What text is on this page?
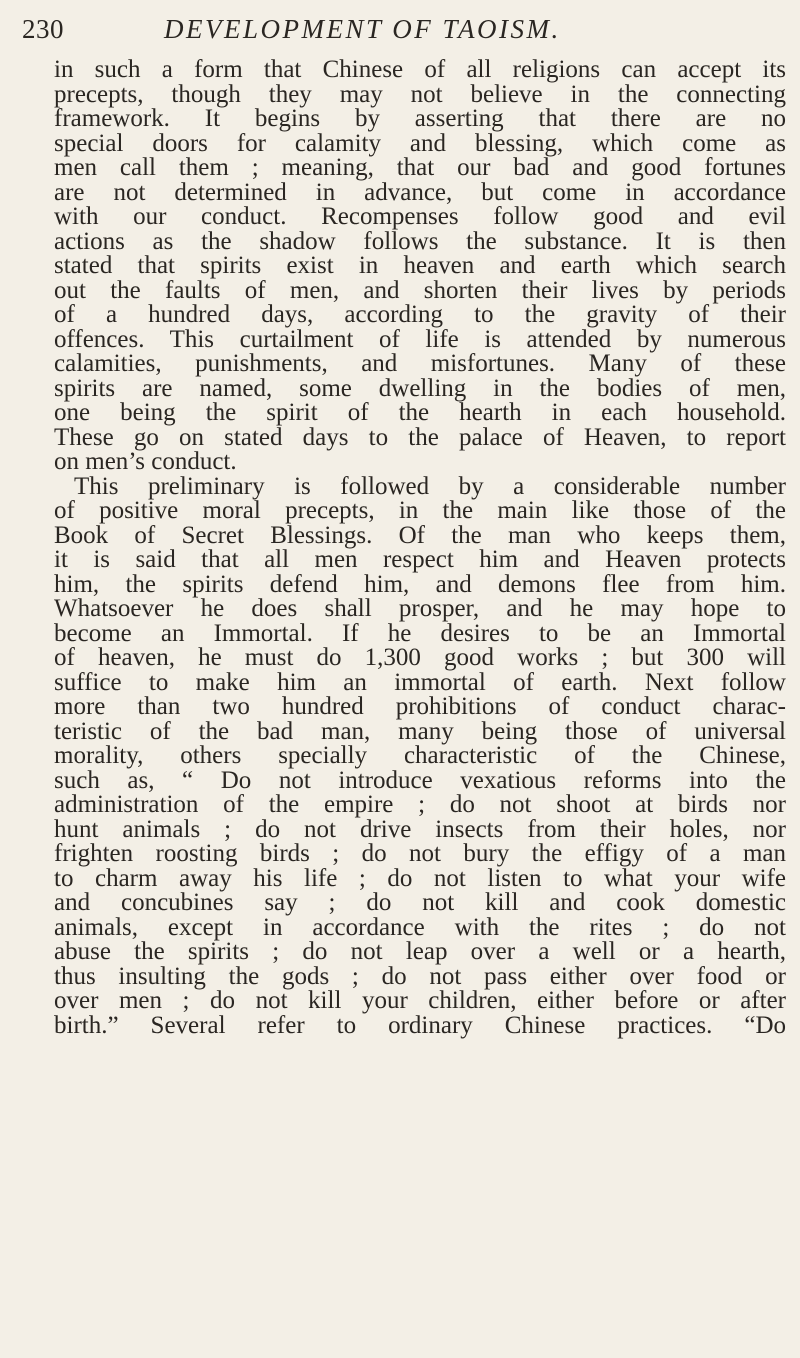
230	DEVELOPMENT OF TAOISM.
in such a form that Chinese of all religions can accept its
precepts, though they may not believe in the connecting
framework. It begins by asserting that there are no
special doors for calamity and blessing, which come as
men call them ; meaning, that our bad and good fortunes
are not determined in advance, but come in accordance
with our conduct. Recompenses follow good and evil
actions as the shadow follows the substance. It is then
stated that spirits exist in heaven and earth which search
out the faults of men, and shorten their lives by periods
of a hundred days, according to the gravity of their
offences. This curtailment of life is attended by numerous
calamities, punishments, and misfortunes. Many of these
spirits are named, some dwelling in the bodies of men,
one being the spirit of the hearth in each household.
These go on stated days to the palace of Heaven, to report
on men’s conduct.
This preliminary is followed by a considerable number
of positive moral precepts, in the main like those of the
Book of Secret Blessings. Of the man who keeps them,
it is said that all men respect him and Heaven protects
him, the spirits defend him, and demons flee from him.
Whatsoever he does shall prosper, and he may hope to
become an Immortal. If he desires to be an Immortal
of heaven, he must do 1,300 good works ; but 300 will
suffice to make him an immortal of earth. Next follow
more than two hundred prohibitions of conduct charac-
teristic of the bad man, many being those of universal
morality, others specially characteristic of the Chinese,
such as, “ Do not introduce vexatious reforms into the
administration of the empire ; do not shoot at birds nor
hunt animals ; do not drive insects from their holes, nor
frighten roosting birds ; do not bury the effigy of a man
to charm away his life ; do not listen to what your wife
and concubines say ; do not kill and cook domestic
animals, except in accordance with the rites ; do not
abuse the spirits ; do not leap over a well or a hearth,
thus insulting the gods ; do not pass either over food or
over men ; do not kill your children, either before or after
birth.” Several refer to ordinary Chinese practices. “Do
